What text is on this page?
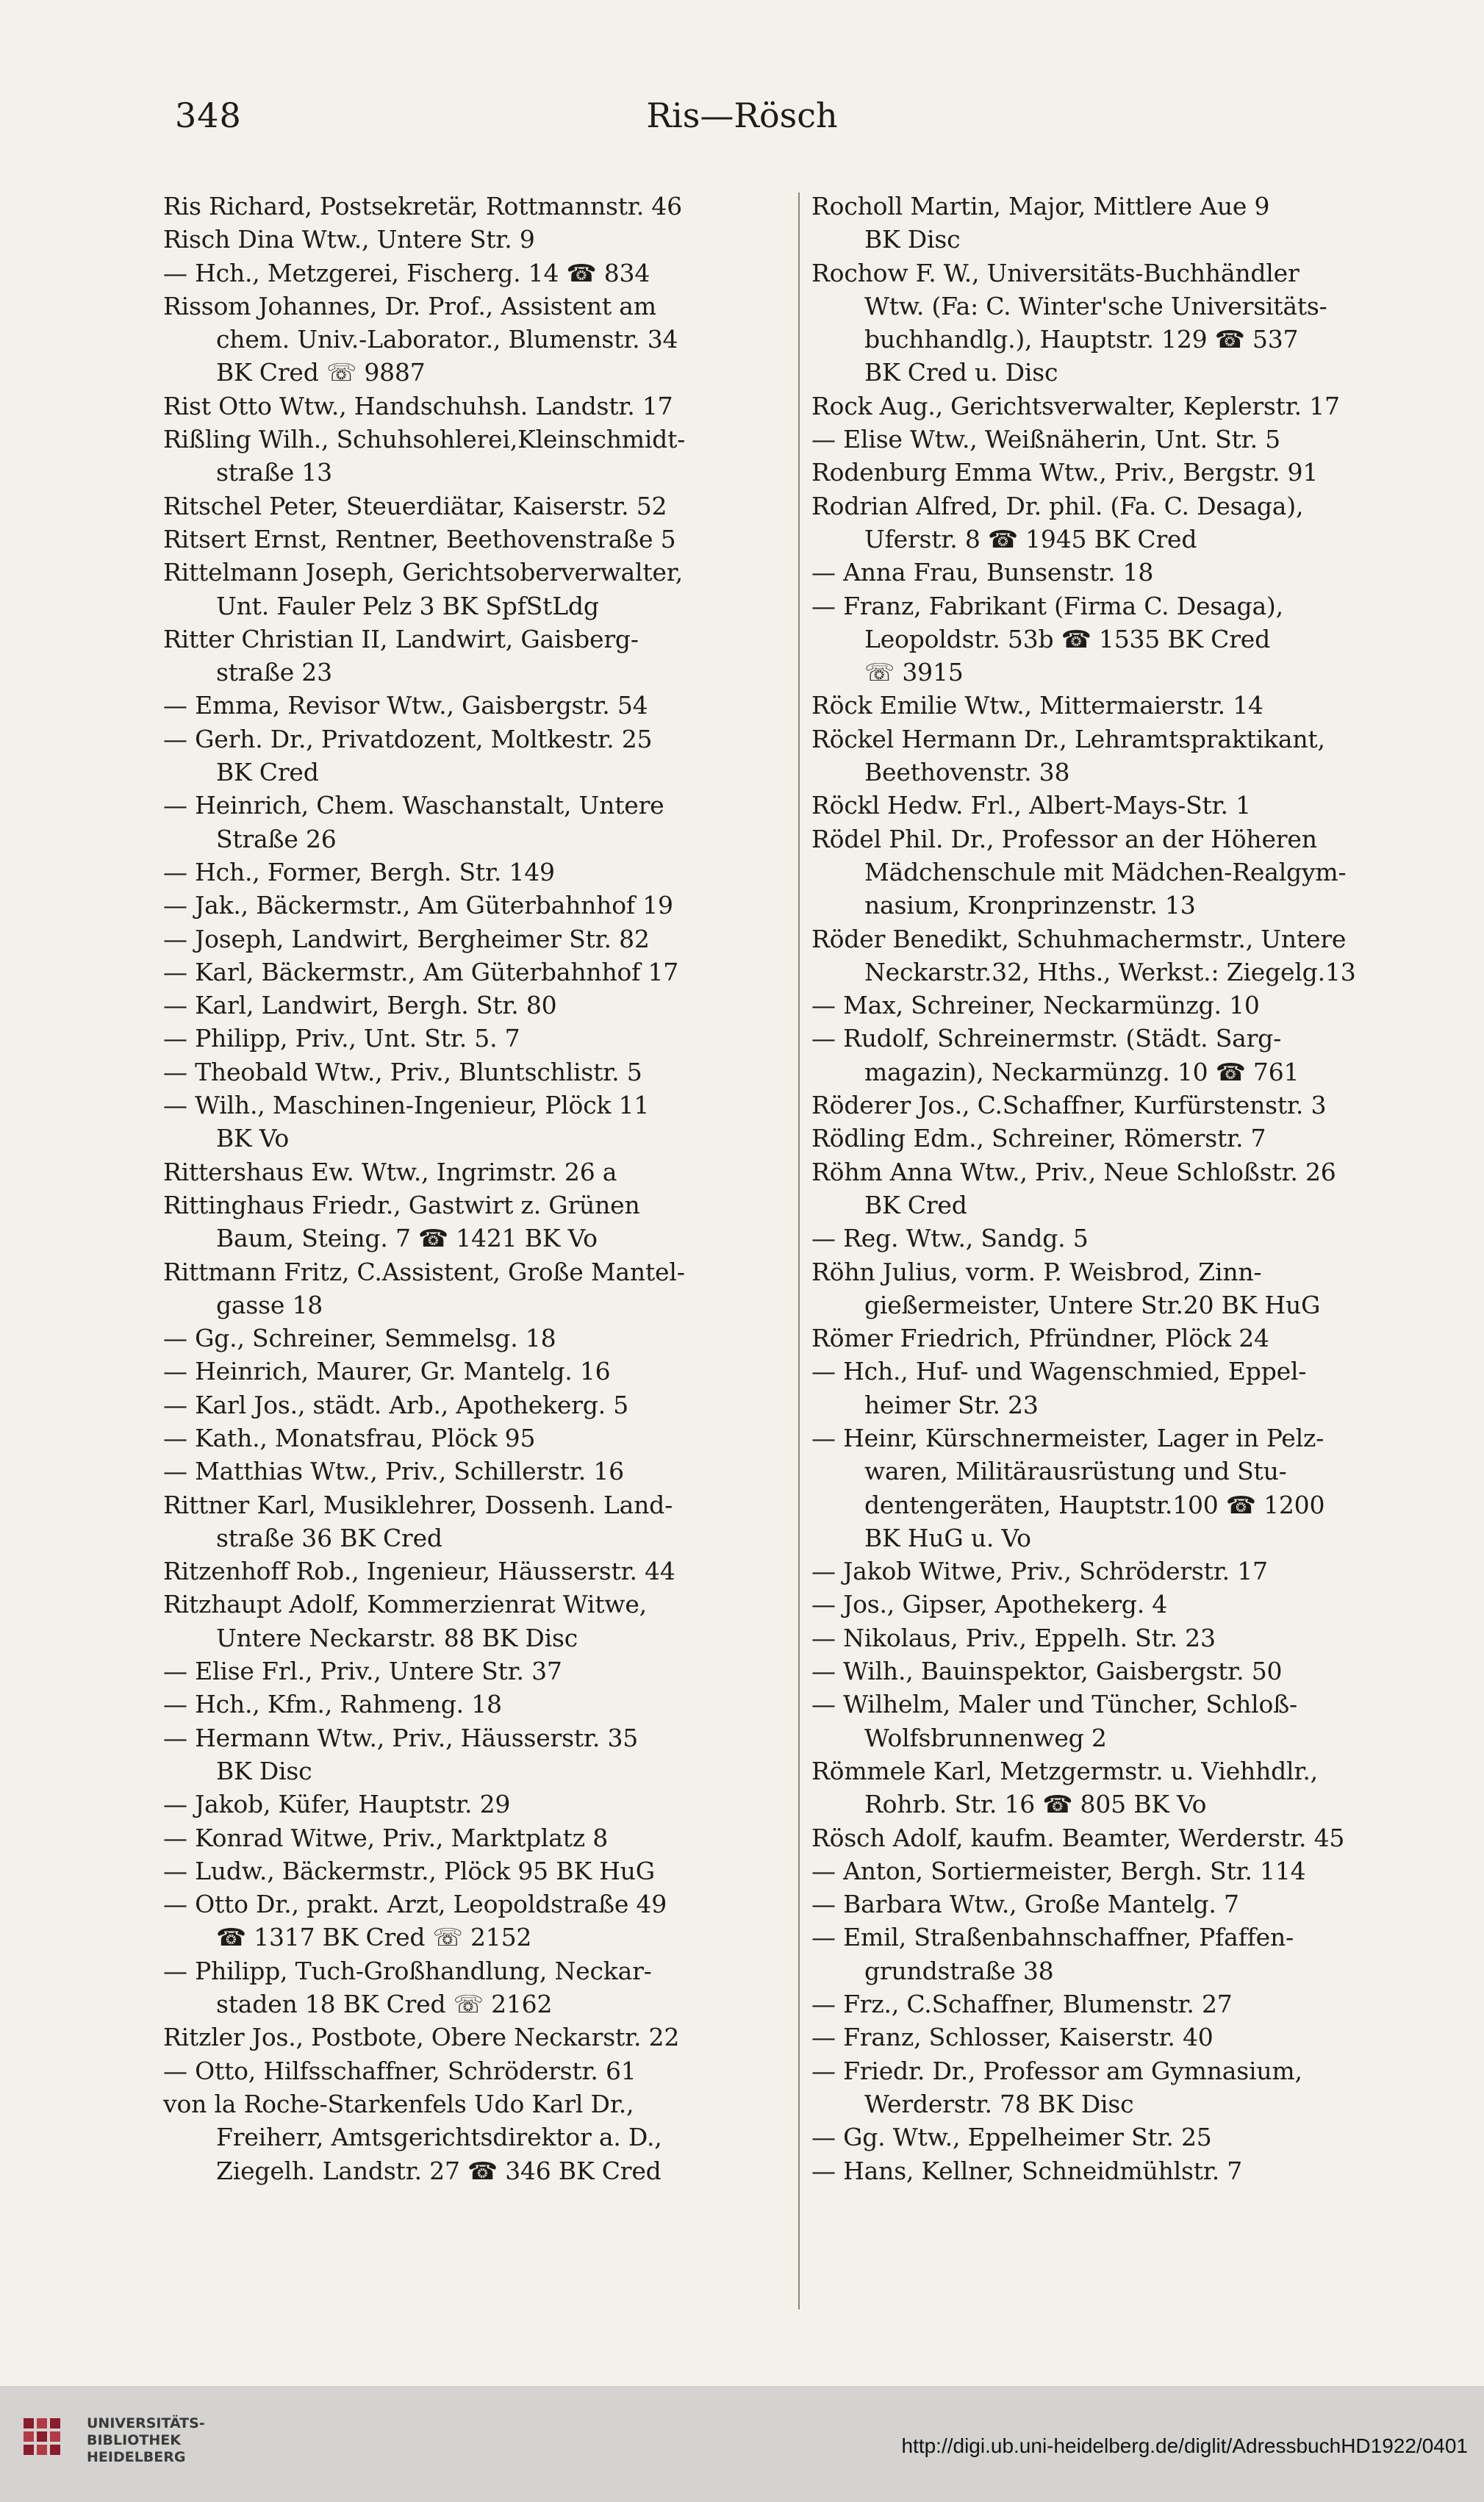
348	Ris—Rösch
Ris Richard, Postsekretär, Rottmannstr. 46
Risch Dina Wtw., Untere Str. 9
— Hch., Metzgerei, Fischerg. 14 ☎ 834
Rissom Johannes, Dr. Prof., Assistent am
chem. Univ.-Laborator., Blumenstr. 34
BK Cred ☏ 9887
Rist Otto Wtw., Handschuhsh. Landstr. 17
Rißling Wilh., Schuhsohlerei,Kleinschmidt-
straße 13
Ritschel Peter, Steuerdiätar, Kaiserstr. 52
Ritsert Ernst, Rentner, Beethovenstraße 5
Rittelmann Joseph, Gerichtsoberverwalter,
Unt. Fauler Pelz 3 BK SpfStLdg
Ritter Christian II, Landwirt, Gaisberg-
straße 23
— Emma, Revisor Wtw., Gaisbergstr. 54
— Gerh. Dr., Privatdozent, Moltkestr. 25
BK Cred
— Heinrich, Chem. Waschanstalt, Untere
Straße 26
— Hch., Former, Bergh. Str. 149
— Jak., Bäckermstr., Am Güterbahnhof 19
— Joseph, Landwirt, Bergheimer Str. 82
— Karl, Bäckermstr., Am Güterbahnhof 17
— Karl, Landwirt, Bergh. Str. 80
— Philipp, Priv., Unt. Str. 5. 7
— Theobald Wtw., Priv., Bluntschlistr. 5
— Wilh., Maschinen-Ingenieur, Plöck 11
BK Vo
Rittershaus Ew. Wtw., Ingrimstr. 26 a
Rittinghaus Friedr., Gastwirt z. Grünen
Baum, Steing. 7 ☎ 1421 BK Vo
Rittmann Fritz, C.Assistent, Große Mantel-
gasse 18
— Gg., Schreiner, Semmelsg. 18
— Heinrich, Maurer, Gr. Mantelg. 16
— Karl Jos., städt. Arb., Apothekerg. 5
— Kath., Monatsfrau, Plöck 95
— Matthias Wtw., Priv., Schillerstr. 16
Rittner Karl, Musiklehrer, Dossenh. Land-
straße 36 BK Cred
Ritzenhoff Rob., Ingenieur, Häusserstr. 44
Ritzhaupt Adolf, Kommerzienrat Witwe,
Untere Neckarstr. 88 BK Disc
— Elise Frl., Priv., Untere Str. 37
— Hch., Kfm., Rahmeng. 18
— Hermann Wtw., Priv., Häusserstr. 35
BK Disc
— Jakob, Küfer, Hauptstr. 29
— Konrad Witwe, Priv., Marktplatz 8
— Ludw., Bäckermstr., Plöck 95 BK HuG
— Otto Dr., prakt. Arzt, Leopoldstraße 49
☎ 1317 BK Cred ☏ 2152
— Philipp, Tuch-Großhandlung, Neckar-
staden 18 BK Cred ☏ 2162
Ritzler Jos., Postbote, Obere Neckarstr. 22
— Otto, Hilfsschaffner, Schröderstr. 61
von la Roche-Starkenfels Udo Karl Dr.,
Freiherr, Amtsgerichtsdirektor a. D.,
Ziegelh. Landstr. 27 ☎ 346 BK Cred
Rocholl Martin, Major, Mittlere Aue 9
BK Disc
Rochow F. W., Universitäts-Buchhändler
Wtw. (Fa: C. Winter'sche Universitäts-
buchhandlg.), Hauptstr. 129 ☎ 537
BK Cred u. Disc
Rock Aug., Gerichtsverwalter, Keplerstr. 17
— Elise Wtw., Weißnäherin, Unt. Str. 5
Rodenburg Emma Wtw., Priv., Bergstr. 91
Rodrian Alfred, Dr. phil. (Fa. C. Desaga),
Uferstr. 8 ☎ 1945 BK Cred
— Anna Frau, Bunsenstr. 18
— Franz, Fabrikant (Firma C. Desaga),
Leopoldstr. 53b ☎ 1535 BK Cred
☏ 3915
Röck Emilie Wtw., Mittermaierstr. 14
Röckel Hermann Dr., Lehramtspraktikant,
Beethovenstr. 38
Röckl Hedw. Frl., Albert-Mays-Str. 1
Rödel Phil. Dr., Professor an der Höheren
Mädchenschule mit Mädchen-Realgym-
nasium, Kronprinzenstr. 13
Röder Benedikt, Schuhmachermstr., Untere
Neckarstr.32, Hths., Werkst.: Ziegelg.13
— Max, Schreiner, Neckarmünzg. 10
— Rudolf, Schreinermstr. (Städt. Sarg-
magazin), Neckarmünzg. 10 ☎ 761
Röderer Jos., C.Schaffner, Kurfürstenstr. 3
Rödling Edm., Schreiner, Römerstr. 7
Röhm Anna Wtw., Priv., Neue Schloßstr. 26
BK Cred
— Reg. Wtw., Sandg. 5
Röhn Julius, vorm. P. Weisbrod, Zinn-
gießermeister, Untere Str.20 BK HuG
Römer Friedrich, Pfründner, Plöck 24
— Hch., Huf- und Wagenschmied, Eppel-
heimer Str. 23
— Heinr, Kürschnermeister, Lager in Pelz-
waren, Militärausrüstung und Stu-
dentengeräten, Hauptstr.100 ☎ 1200
BK HuG u. Vo
— Jakob Witwe, Priv., Schröderstr. 17
— Jos., Gipser, Apothekerg. 4
— Nikolaus, Priv., Eppelh. Str. 23
— Wilh., Bauinspektor, Gaisbergstr. 50
— Wilhelm, Maler und Tüncher, Schloß-
Wolfsbrunnenweg 2
Römmele Karl, Metzgermstr. u. Viehhdlr.,
Rohrb. Str. 16 ☎ 805 BK Vo
Rösch Adolf, kaufm. Beamter, Werderstr. 45
— Anton, Sortiermeister, Bergh. Str. 114
— Barbara Wtw., Große Mantelg. 7
— Emil, Straßenbahnschaffner, Pfaffen-
grundstraße 38
— Frz., C.Schaffner, Blumenstr. 27
— Franz, Schlosser, Kaiserstr. 40
— Friedr. Dr., Professor am Gymnasium,
Werderstr. 78 BK Disc
— Gg. Wtw., Eppelheimer Str. 25
— Hans, Kellner, Schneidmühlstr. 7
UNIVERSITÄTS-
BIBLIOTHEK
HEIDELBERG	http://digi.ub.uni-heidelberg.de/diglit/AdressbuchHD1922/0401
